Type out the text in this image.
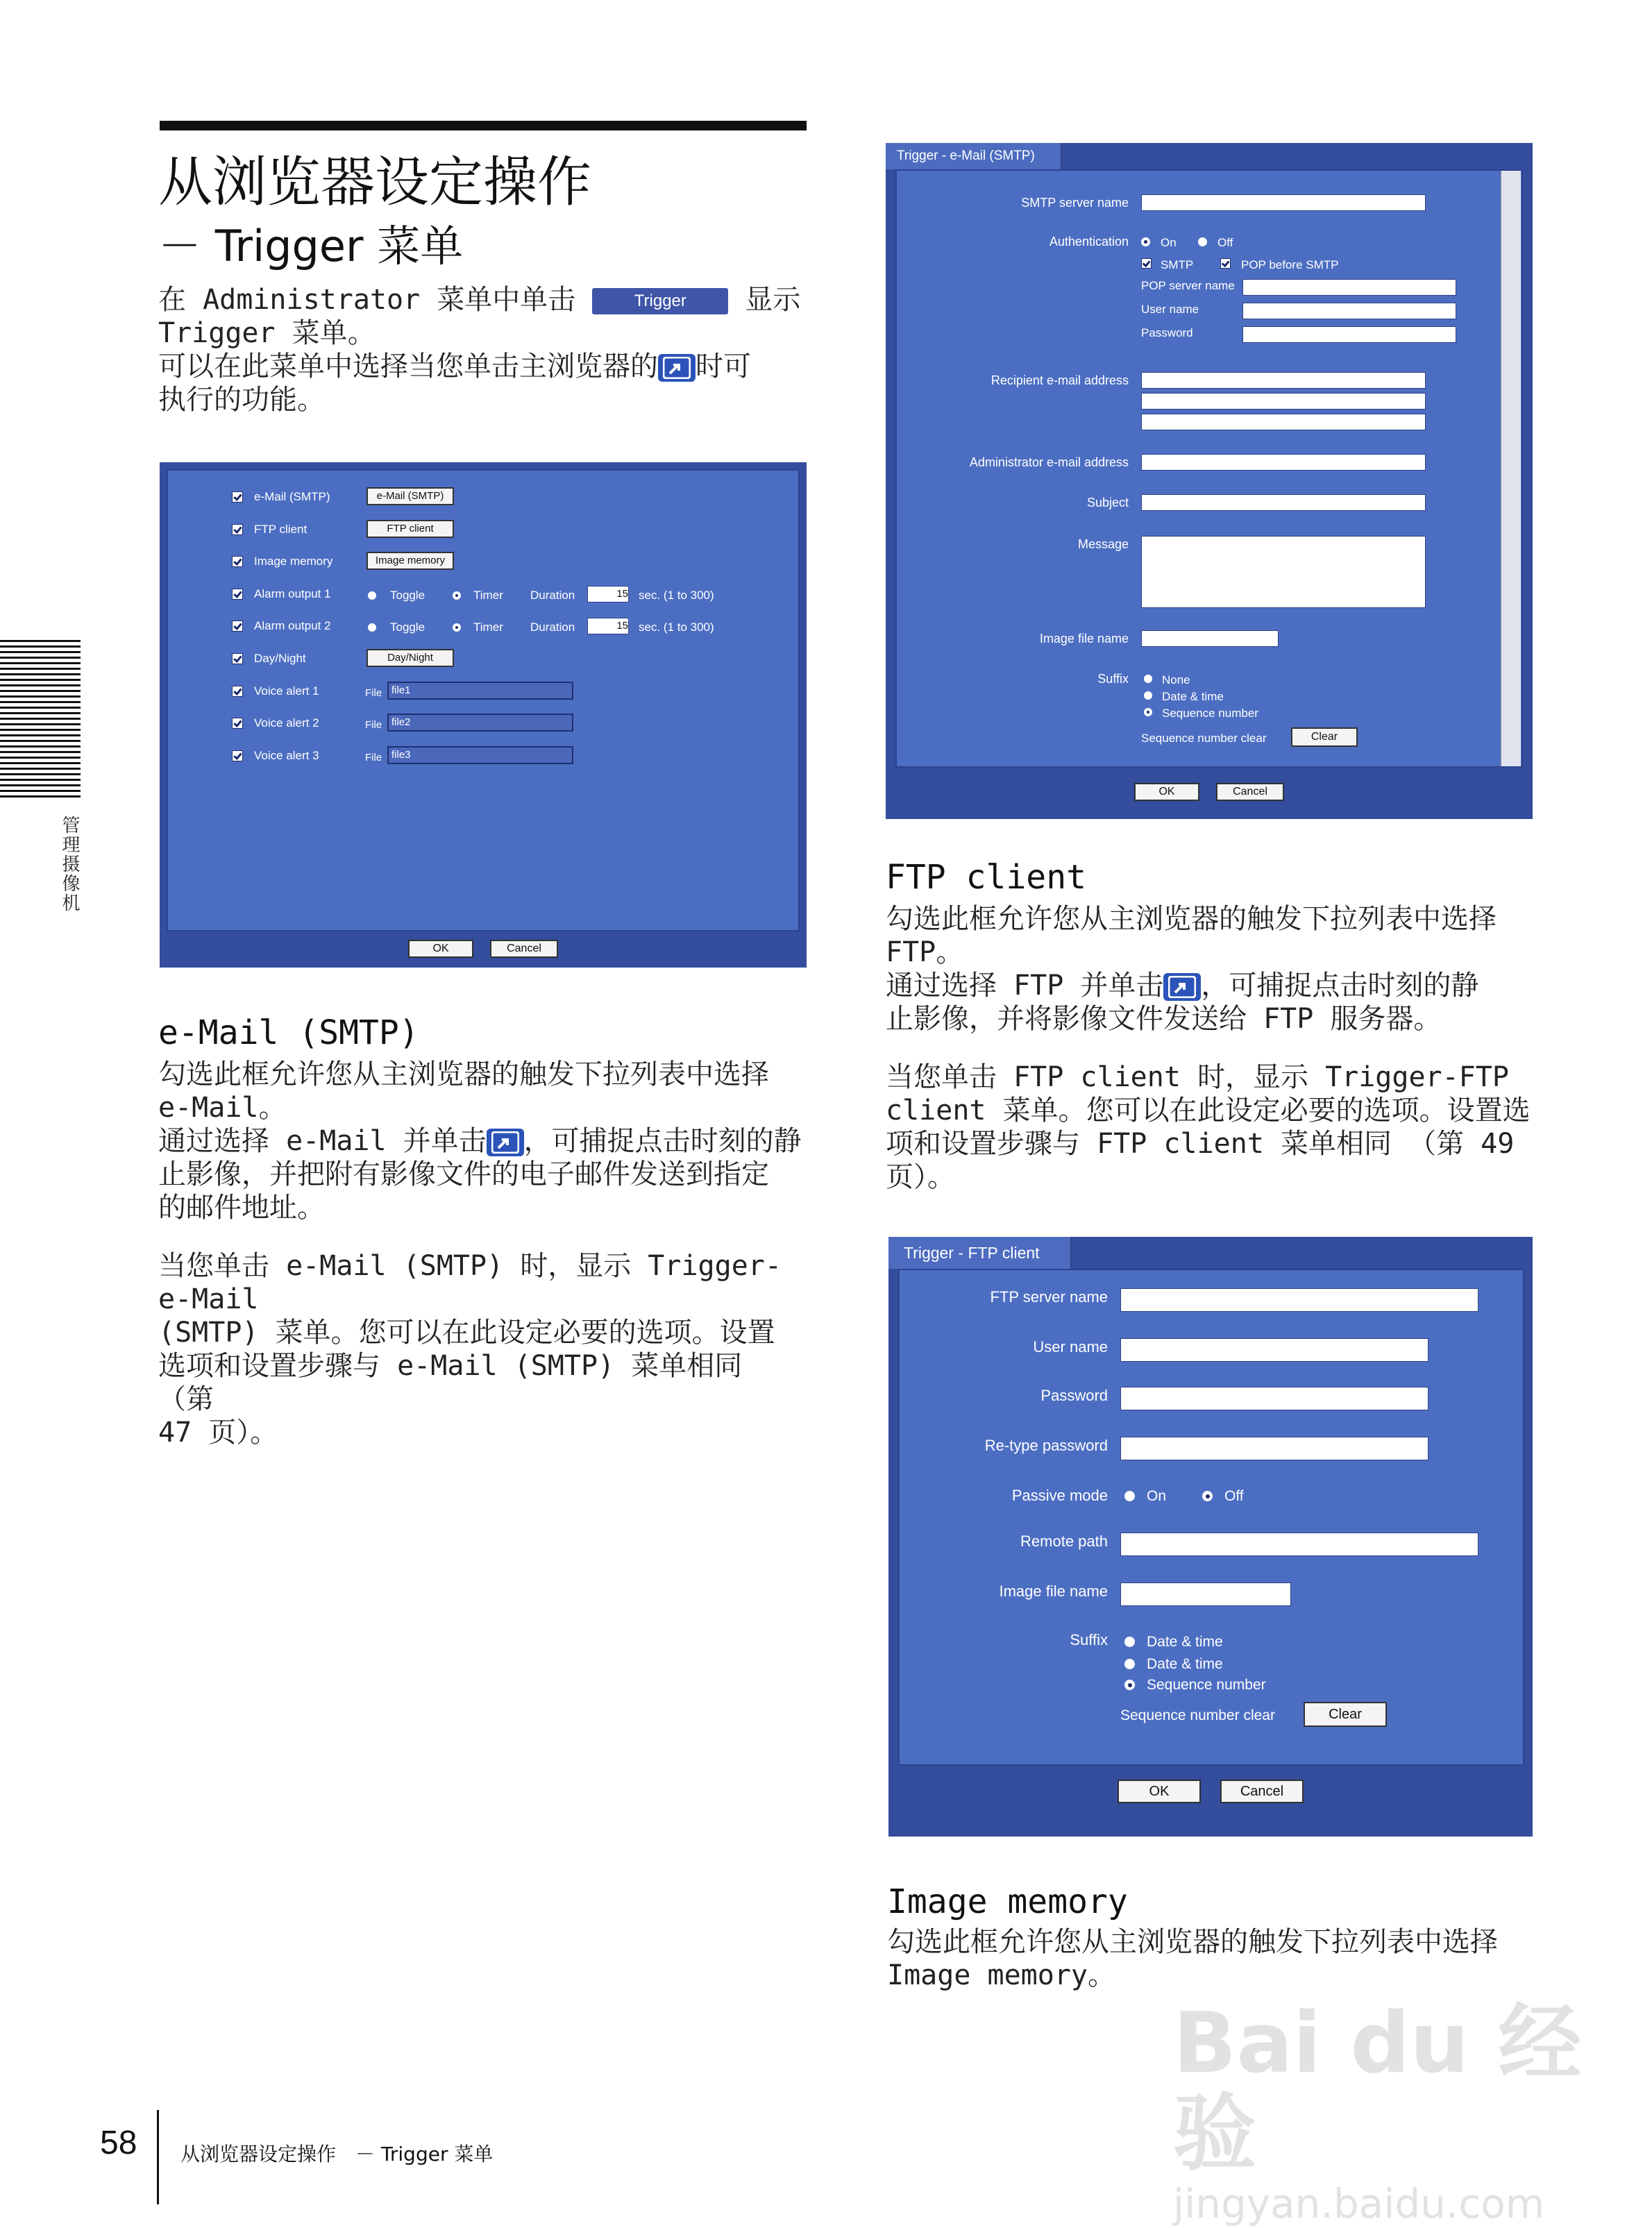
从浏览器设定操作
－ Trigger 菜单

在 Administrator 菜单中单击	Trigger 显示

Trigger 菜单。

可以在此菜单中选择当您单击主浏览器的 时可

执行的功能。

管理摄像机
e-Mail (SMTP)	e-Mail (SMTP)
FTP client	FTP client
Image memory	Image memory
Alarm output 1	Toggle	Timer Duration	15 sec. (1 to 300)
Alarm output 2	Toggle	Timer Duration	15 sec. (1 to 300)
Day/Night	Day/Night
Voice alert 1	File file1
Voice alert 2	File file2
Voice alert 3	File file3
OK	Cancel
e-Mail (SMTP)

勾选此框允许您从主浏览器的触发下拉列表中选择

e-Mail。

通过选择 e-Mail 并单击 ，可捕捉点击时刻的静

止影像，并把附有影像文件的电子邮件发送到指定

的邮件地址。

当您单击 e-Mail (SMTP) 时，显示 Trigger-e-Mail

(SMTP) 菜单。您可以在此设定必要的选项。设置

选项和设置步骤与 e-Mail (SMTP) 菜单相同 （第

47 页）。

Trigger - e-Mail (SMTP)
SMTP server name
Authentication	On	Off
SMTP	POP before SMTP
POP server name
User name
Password
Recipient e-mail address
Administrator e-mail address
Subject
Message
Image file name
Suffix	None
Date & time
Sequence number
Sequence number clear	Clear
OK	Cancel
FTP client

勾选此框允许您从主浏览器的触发下拉列表中选择

FTP。

通过选择 FTP 并单击 ，可捕捉点击时刻的静

止影像，并将影像文件发送给 FTP 服务器。

当您单击 FTP client 时，显示 Trigger-FTP

client 菜单。您可以在此设定必要的选项。设置选

项和设置步骤与 FTP client 菜单相同 （第 49

页）。

Trigger - FTP client
FTP server name
User name
Password
Re-type password
Passive mode	On	Off
Remote path
Image file name
Suffix	Date & time
Date & time
Sequence number
Sequence number clear	Clear
OK	Cancel
Image memory

勾选此框允许您从主浏览器的触发下拉列表中选择

Image memory。

Bai du 经验
jingyan.baidu.com
58 从浏览器设定操作　－ Trigger 菜单
